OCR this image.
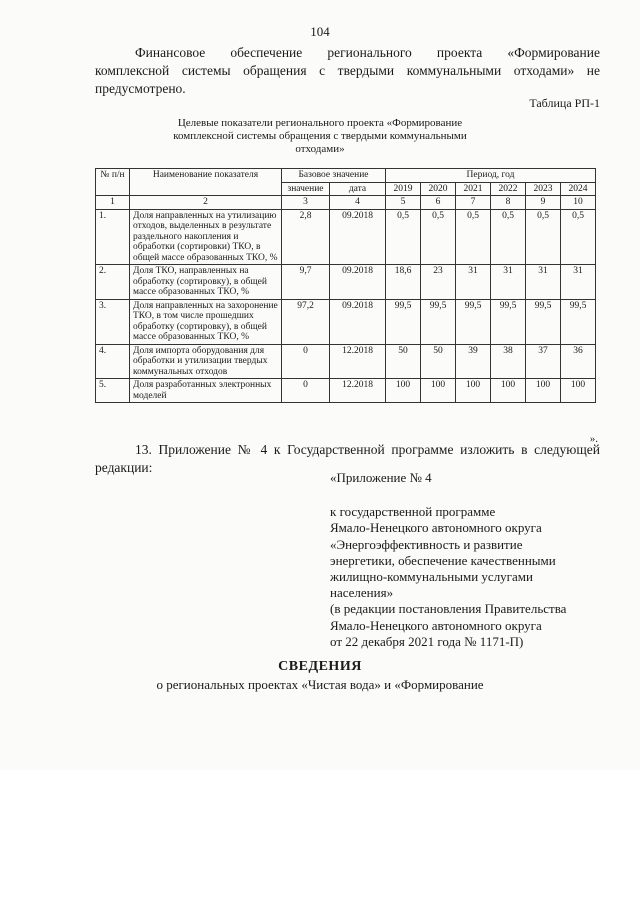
104
Финансовое обеспечение регионального проекта «Формирование
комплексной системы обращения с твердыми коммунальными отходами» не
предусмотрено.
Таблица РП-1
Целевые показатели регионального проекта «Формирование комплексной системы обращения с твердыми коммунальными отходами»
№ п/н	Наименование показателя	Базовое значение		Период, год					
		значение	дата	2019	2020	2021	2022	2023	2024
1	2	3	4	5	6	7	8	9	10
1.	Доля направленных на утилизацию отходов, выделенных в результате раздельного накопления и обработки (сортировки) ТКО, в общей массе образованных ТКО, %	2,8	09.2018	0,5	0,5	0,5	0,5	0,5	0,5
2.	Доля ТКО, направленных на обработку (сортировку), в общей массе образованных ТКО, %	9,7	09.2018	18,6	23	31	31	31	31
3.	Доля направленных на захоронение ТКО, в том числе прошедших обработку (сортировку), в общей массе образованных ТКО, %	97,2	09.2018	99,5	99,5	99,5	99,5	99,5	99,5
4.	Доля импорта оборудования для обработки и утилизации твердых коммунальных отходов	0	12.2018	50	50	39	38	37	36
5.	Доля разработанных электронных моделей	0	12.2018	100	100	100	100	100	100
».
13. Приложение № 4 к Государственной программе изложить в следующей
редакции:
«Приложение № 4
к государственной программе
Ямало-Ненецкого автономного округа
«Энергоэффективность и развитие
энергетики, обеспечение качественными
жилищно-коммунальными услугами
населения»
(в редакции постановления Правительства
Ямало-Ненецкого автономного округа
от 22 декабря 2021 года № 1171-П)
СВЕДЕНИЯ
о региональных проектах «Чистая вода» и «Формирование
